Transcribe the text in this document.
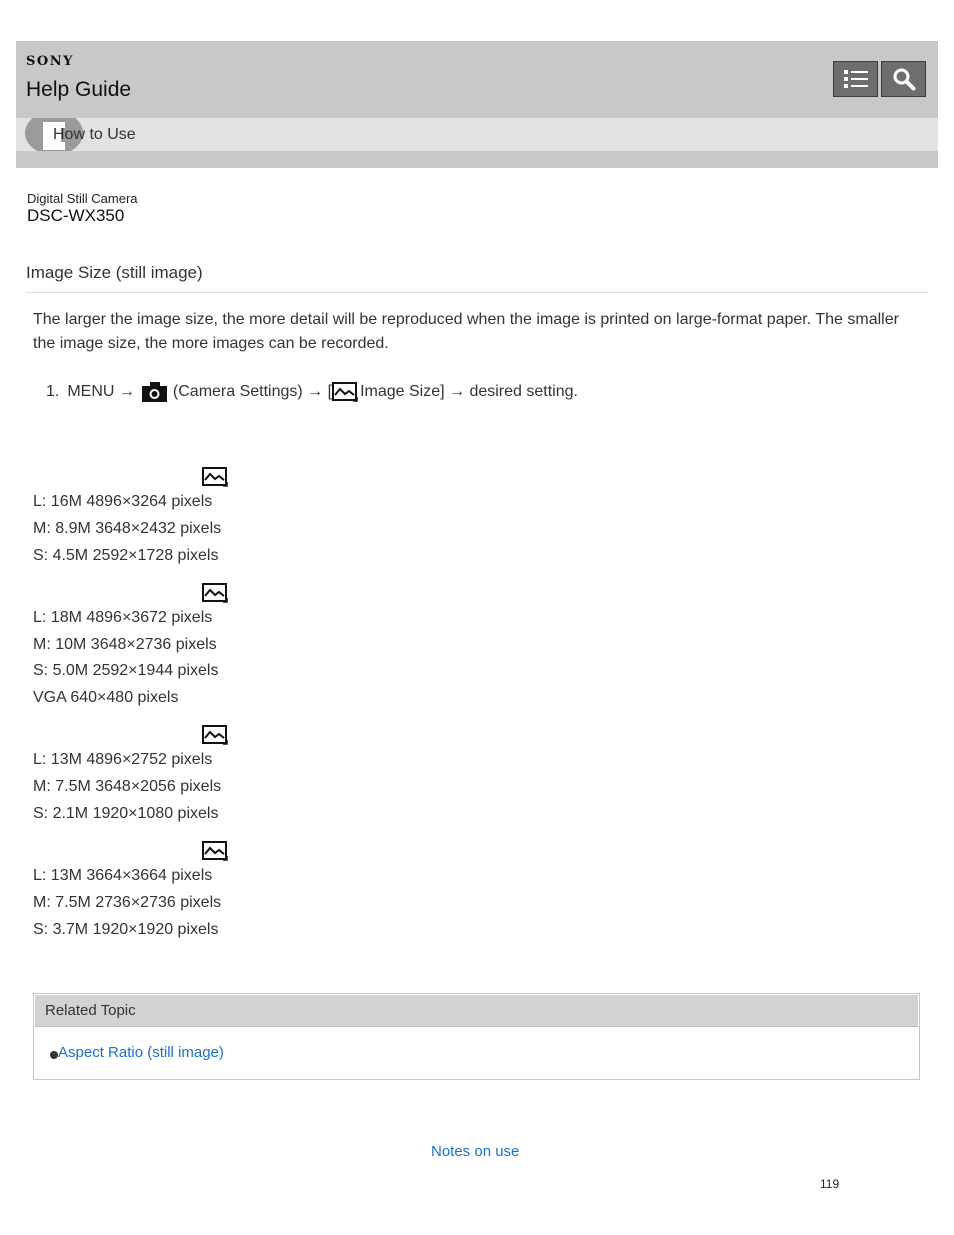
SONY
Help Guide
How to Use
Digital Still Camera
DSC-WX350
Image Size (still image)
The larger the image size, the more detail will be reproduced when the image is printed on large-format paper. The smaller the image size, the more images can be recorded.
1. MENU → (Camera Settings) → [ Image Size] → desired setting.
L: 16M 4896×3264 pixels
M: 8.9M 3648×2432 pixels
S: 4.5M 2592×1728 pixels
L: 18M 4896×3672 pixels
M: 10M 3648×2736 pixels
S: 5.0M 2592×1944 pixels
VGA 640×480 pixels
L: 13M 4896×2752 pixels
M: 7.5M 3648×2056 pixels
S: 2.1M 1920×1080 pixels
L: 13M 3664×3664 pixels
M: 7.5M 2736×2736 pixels
S: 3.7M 1920×1920 pixels
Related Topic
Aspect Ratio (still image)
Notes on use
119
